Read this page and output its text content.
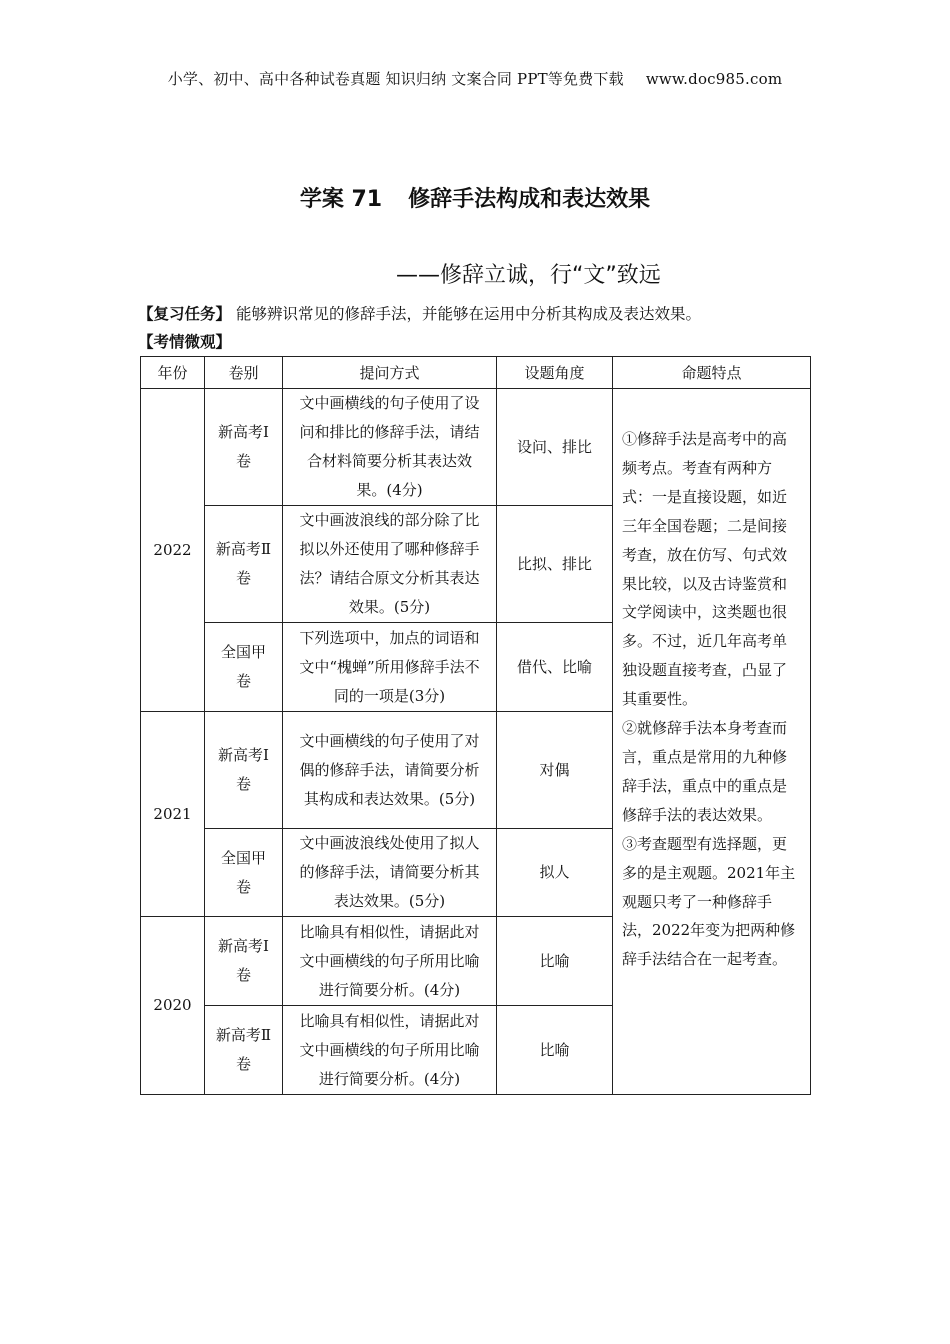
小学、初中、高中各种试卷真题 知识归纳 文案合同 PPT等免费下载 www.doc985.com
学案 71 修辞手法构成和表达效果
——修辞立诚，行“文”致远
【复习任务】 能够辨识常见的修辞手法，并能够在运用中分析其构成及表达效果。
【考情微观】
年份	卷别	提问方式	设题角度	命题特点
2022	新高考Ⅰ卷	文中画横线的句子使用了设问和排比的修辞手法，请结合材料简要分析其表达效果。(4分)	设问、排比	①修辞手法是高考中的高频考点。考查有两种方式：一是直接设题，如近三年全国卷题；二是间接考查，放在仿写、句式效果比较，以及古诗鉴赏和文学阅读中，这类题也很多。不过，近几年高考单独设题直接考查，凸显了其重要性。
②就修辞手法本身考查而言，重点是常用的九种修辞手法，重点中的重点是修辞手法的表达效果。
③考查题型有选择题，更多的是主观题。2021年主观题只考了一种修辞手法，2022年变为把两种修辞手法结合在一起考查。

	新高考Ⅱ卷	文中画波浪线的部分除了比拟以外还使用了哪种修辞手法？请结合原文分析其表达效果。(5分)	比拟、排比	
	全国甲卷	下列选项中，加点的词语和文中“槐蝉”所用修辞手法不同的一项是(3分)	借代、比喻	
2021	新高考Ⅰ卷	文中画横线的句子使用了对偶的修辞手法，请简要分析其构成和表达效果。(5分)	对偶	
	全国甲卷	文中画波浪线处使用了拟人的修辞手法，请简要分析其表达效果。(5分)	拟人	
2020	新高考Ⅰ卷	比喻具有相似性，请据此对文中画横线的句子所用比喻进行简要分析。(4分)	比喻	
	新高考Ⅱ卷	比喻具有相似性，请据此对文中画横线的句子所用比喻进行简要分析。(4分)	比喻	
